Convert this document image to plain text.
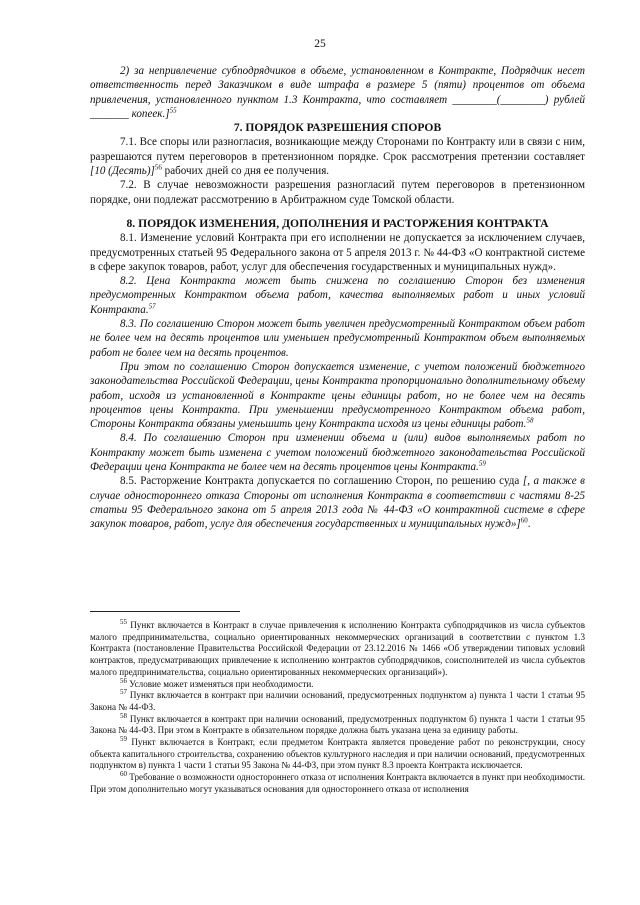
25

2) за непривлечение субподрядчиков в объеме, установленном в Контракте, Подрядчик несет ответственность перед Заказчиком в виде штрафа в размере 5 (пяти) процентов от объема привлечения, установленного пунктом 1.3 Контракта, что составляет ________(________) рублей _______ копеек.]$^{55}$

7. ПОРЯДОК РАЗРЕШЕНИЯ СПОРОВ

7.1. Все споры или разногласия, возникающие между Сторонами по Контракту или в связи с ним, разрешаются путем переговоров в претензионном порядке. Срок рассмотрения претензии составляет [10 (Десять)]$^{56}$ рабочих дней со дня ее получения.

7.2. В случае невозможности разрешения разногласий путем переговоров в претензионном порядке, они подлежат рассмотрению в Арбитражном суде Томской области.

8. ПОРЯДОК ИЗМЕНЕНИЯ, ДОПОЛНЕНИЯ И РАСТОРЖЕНИЯ КОНТРАКТА

8.1. Изменение условий Контракта при его исполнении не допускается за исключением случаев, предусмотренных статьей 95 Федерального закона от 5 апреля 2013 г. № 44-ФЗ «О контрактной системе в сфере закупок товаров, работ, услуг для обеспечения государственных и муниципальных нужд».

8.2. Цена Контракта может быть снижена по соглашению Сторон без изменения предусмотренных Контрактом объема работ, качества выполняемых работ и иных условий Контракта.$^{57}$

8.3. По соглашению Сторон может быть увеличен предусмотренный Контрактом объем работ не более чем на десять процентов или уменьшен предусмотренный Контрактом объем выполняемых работ не более чем на десять процентов.

При этом по соглашению Сторон допускается изменение, с учетом положений бюджетного законодательства Российской Федерации, цены Контракта пропорционально дополнительному объему работ, исходя из установленной в Контракте цены единицы работ, но не более чем на десять процентов цены Контракта. При уменьшении предусмотренного Контрактом объема работ, Стороны Контракта обязаны уменьшить цену Контракта исходя из цены единицы работ.$^{58}$

8.4. По соглашению Сторон при изменении объема и (или) видов выполняемых работ по Контракту может быть изменена с учетом положений бюджетного законодательства Российской Федерации цена Контракта не более чем на десять процентов цены Контракта.$^{59}$

8.5. Расторжение Контракта допускается по соглашению Сторон, по решению суда [, а также в случае одностороннего отказа Стороны от исполнения Контракта в соответствии с частями 8-25 статьи 95 Федерального закона от 5 апреля 2013 года № 44-ФЗ «О контрактной системе в сфере закупок товаров, работ, услуг для обеспечения государственных и муниципальных нужд»]$^{60}$.

$^{55}$ Пункт включается в Контракт в случае привлечения к исполнению Контракта субподрядчиков из числа субъектов малого предпринимательства, социально ориентированных некоммерческих организаций в соответствии с пунктом 1.3 Контракта (постановление Правительства Российской Федерации от 23.12.2016 № 1466 «Об утверждении типовых условий контрактов, предусматривающих привлечение к исполнению контрактов субподрядчиков, соисполнителей из числа субъектов малого предпринимательства, социально ориентированных некоммерческих организаций»).

$^{56}$ Условие может изменяться при необходимости.

$^{57}$ Пункт включается в контракт при наличии оснований, предусмотренных подпунктом а) пункта 1 части 1 статьи 95 Закона № 44-ФЗ.

$^{58}$ Пункт включается в контракт при наличии оснований, предусмотренных подпунктом б) пункта 1 части 1 статьи 95 Закона № 44-ФЗ. При этом в Контракте в обязательном порядке должна быть указана цена за единицу работы.

$^{59}$ Пункт включается в Контракт, если предметом Контракта является проведение работ по реконструкции, сносу объекта капитального строительства, сохранению объектов культурного наследия и при наличии оснований, предусмотренных подпунктом в) пункта 1 части 1 статьи 95 Закона № 44-ФЗ, при этом пункт 8.3 проекта Контракта исключается.

$^{60}$ Требование о возможности одностороннего отказа от исполнения Контракта включается в пункт при необходимости. При этом дополнительно могут указываться основания для одностороннего отказа от исполнения
